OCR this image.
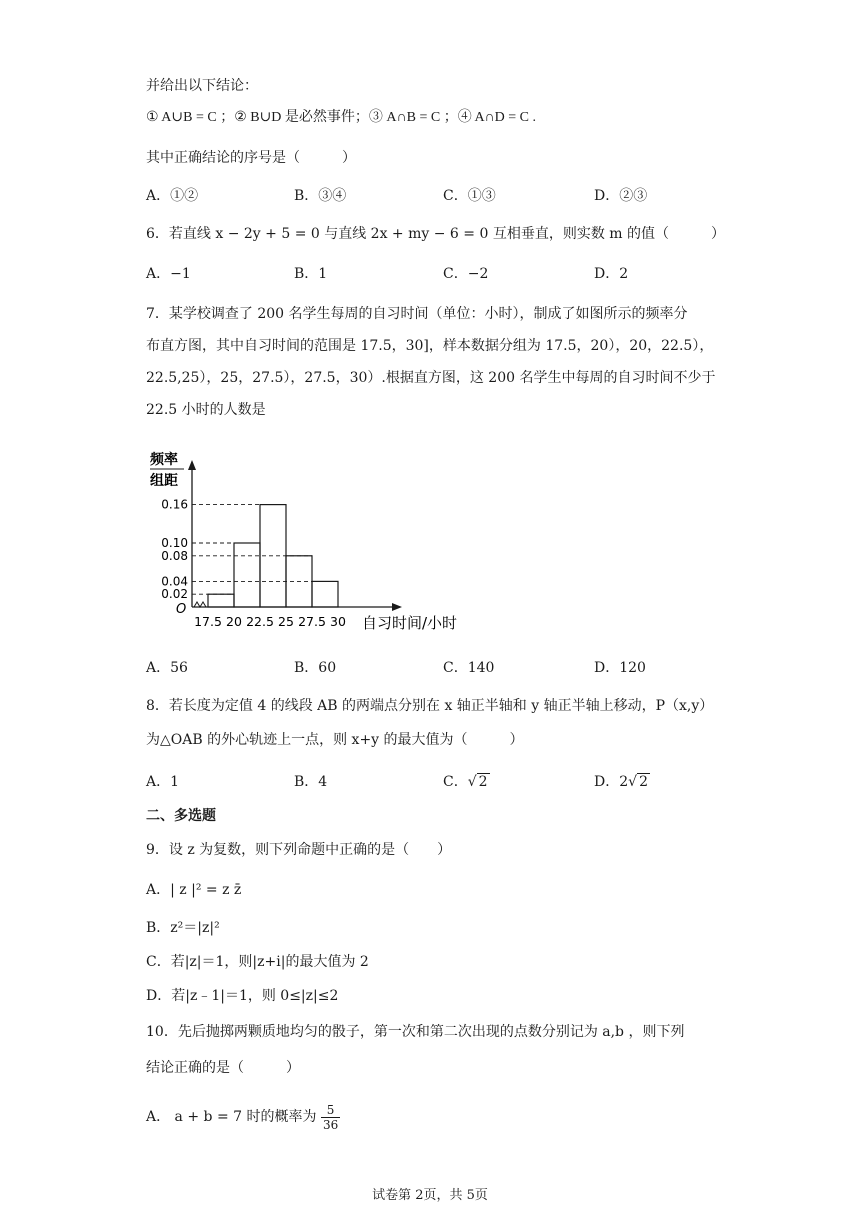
并给出以下结论：
① A∪B = C ；② B∪D 是必然事件；③ A∩B = C ；④ A∩D = C .
其中正确结论的序号是（　　　）
A．①②	B．③④	C．①③	D．②③
6．若直线 x − 2y + 5 = 0 与直线 2x + my − 6 = 0 互相垂直，则实数 m 的值（　　　）
A．−1	B．1	C．−2	D．2
7．某学校调查了 200 名学生每周的自习时间（单位：小时），制成了如图所示的频率分
布直方图，其中自习时间的范围是 17.5，30]，样本数据分组为 17.5，20），20，22.5），
22.5,25），25，27.5），27.5，30）.根据直方图，这 200 名学生中每周的自习时间不少于
22.5 小时的人数是
频率
组距
O
自习时间/小时
0.02
0.04
0.08
0.10
0.16
17.5 20 22.5 25 27.5 30
A．56	B．60	C．140	D．120
8．若长度为定值 4 的线段 AB 的两端点分别在 x 轴正半轴和 y 轴正半轴上移动，P（x,y）
为△OAB 的外心轨迹上一点，则 x+y 的最大值为（　　　）
A．1	B．4	C．√ 2	D．2√ 2
二、多选题
9．设 z 为复数，则下列命题中正确的是（　　）
A．| z |² = z z̄
B．z²＝|z|²
C．若|z|＝1，则|z+i|的最大值为 2
D．若|z﹣1|＝1，则 0≤|z|≤2
10．先后抛掷两颗质地均匀的骰子，第一次和第二次出现的点数分别记为 a,b ，则下列
结论正确的是（　　　）
A． a + b = 7 时的概率为 $\frac{5}{36}$
试卷第 2页，共 5页
